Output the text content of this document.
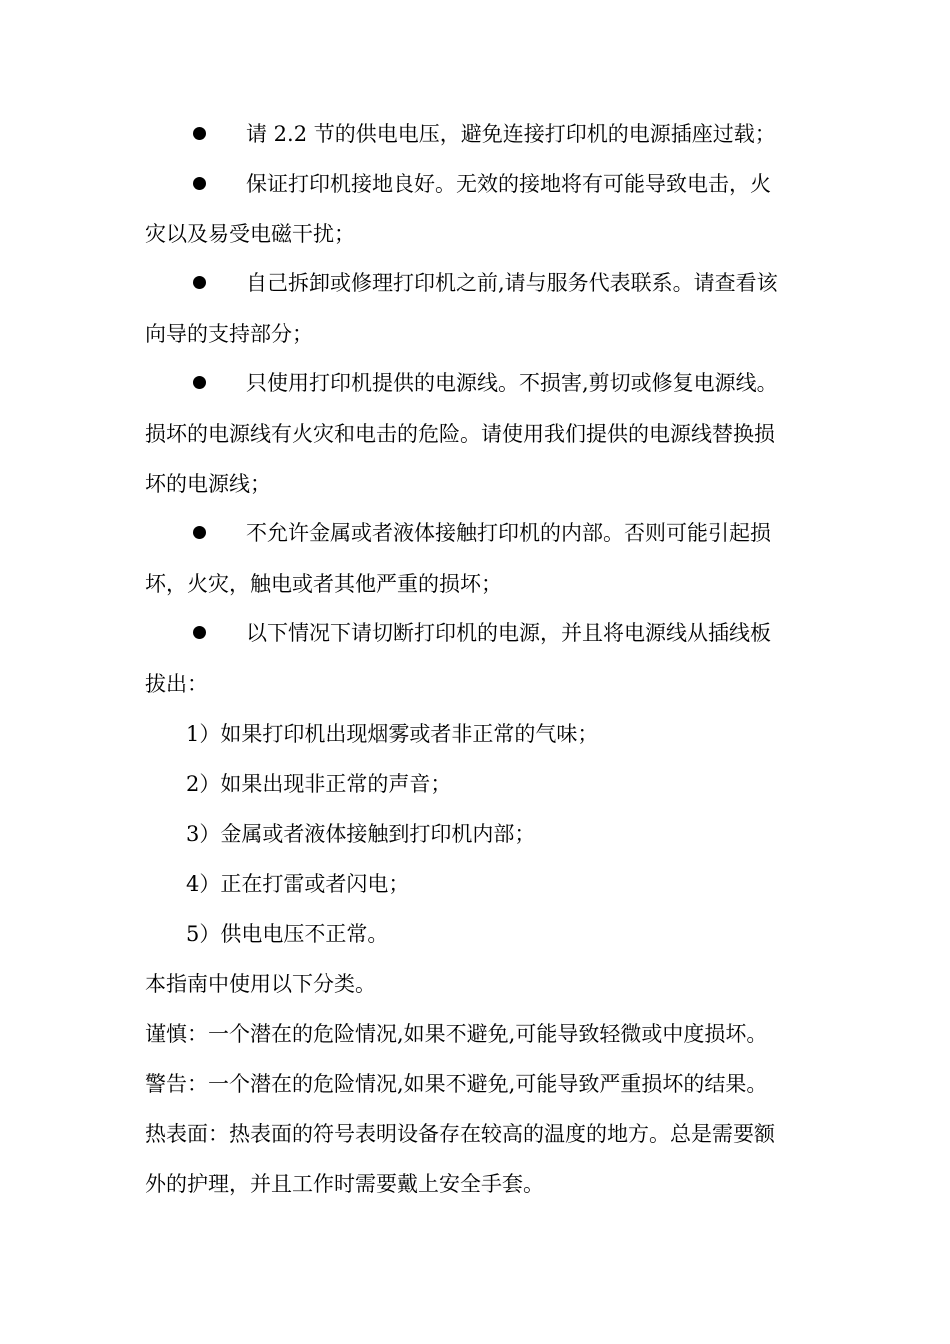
请 2.2 节的供电电压，避免连接打印机的电源插座过载；
保证打印机接地良好。无效的接地将有可能导致电击，火
灾以及易受电磁干扰；
自己拆卸或修理打印机之前,请与服务代表联系。请查看该
向导的支持部分；
只使用打印机提供的电源线。不损害,剪切或修复电源线。
损坏的电源线有火灾和电击的危险。请使用我们提供的电源线替换损
坏的电源线；
不允许金属或者液体接触打印机的内部。否则可能引起损
坏，火灾，触电或者其他严重的损坏；
以下情况下请切断打印机的电源，并且将电源线从插线板
拔出：
1）如果打印机出现烟雾或者非正常的气味；
2）如果出现非正常的声音；
3）金属或者液体接触到打印机内部；
4）正在打雷或者闪电；
5）供电电压不正常。
本指南中使用以下分类。
谨慎：一个潜在的危险情况,如果不避免,可能导致轻微或中度损坏。
警告：一个潜在的危险情况,如果不避免,可能导致严重损坏的结果。
热表面：热表面的符号表明设备存在较高的温度的地方。总是需要额
外的护理，并且工作时需要戴上安全手套。
